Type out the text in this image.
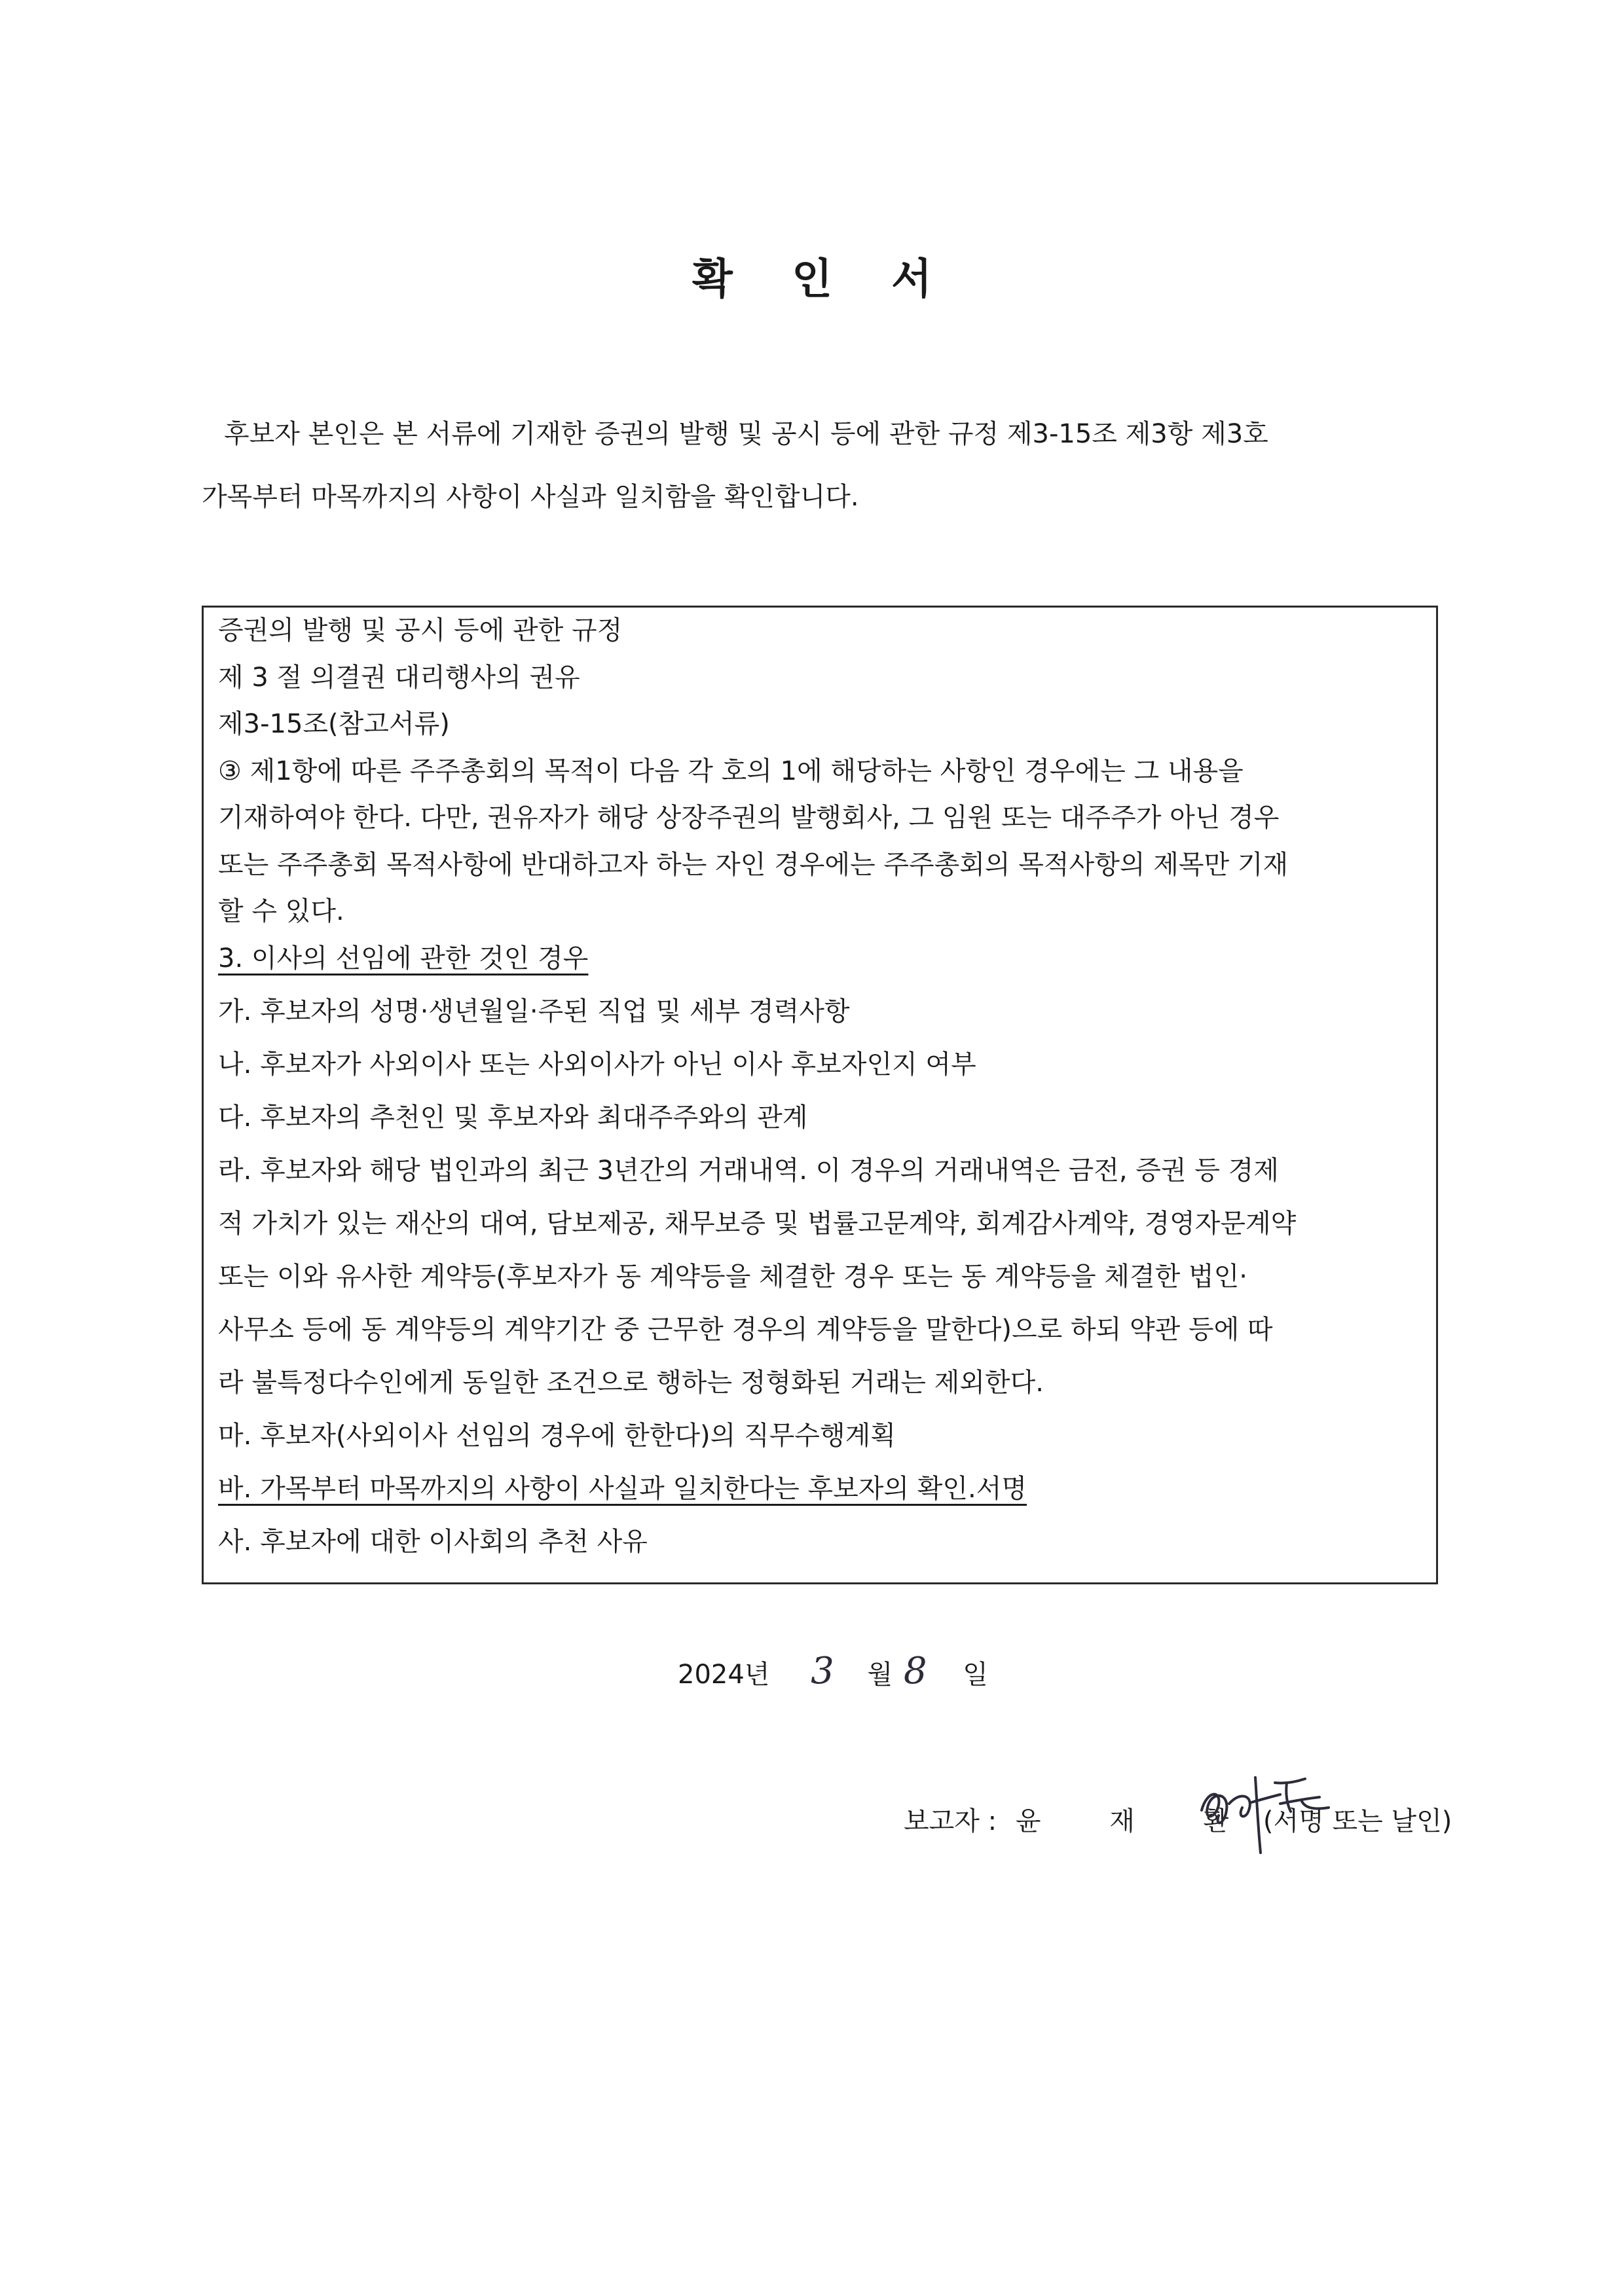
확 인 서
후보자 본인은 본 서류에 기재한 증권의 발행 및 공시 등에 관한 규정 제3-15조 제3항 제3호
가목부터 마목까지의 사항이 사실과 일치함을 확인합니다.
증권의 발행 및 공시 등에 관한 규정
제 3 절 의결권 대리행사의 권유
제3-15조(참고서류)
③ 제1항에 따른 주주총회의 목적이 다음 각 호의 1에 해당하는 사항인 경우에는 그 내용을
기재하여야 한다. 다만, 권유자가 해당 상장주권의 발행회사, 그 임원 또는 대주주가 아닌 경우
또는 주주총회 목적사항에 반대하고자 하는 자인 경우에는 주주총회의 목적사항의 제목만 기재
할 수 있다.
3. 이사의 선임에 관한 것인 경우
가. 후보자의 성명·생년월일·주된 직업 및 세부 경력사항
나. 후보자가 사외이사 또는 사외이사가 아닌 이사 후보자인지 여부
다. 후보자의 추천인 및 후보자와 최대주주와의 관계
라. 후보자와 해당 법인과의 최근 3년간의 거래내역. 이 경우의 거래내역은 금전, 증권 등 경제
적 가치가 있는 재산의 대여, 담보제공, 채무보증 및 법률고문계약, 회계감사계약, 경영자문계약
또는 이와 유사한 계약등(후보자가 동 계약등을 체결한 경우 또는 동 계약등을 체결한 법인·
사무소 등에 동 계약등의 계약기간 중 근무한 경우의 계약등을 말한다)으로 하되 약관 등에 따
라 불특정다수인에게 동일한 조건으로 행하는 정형화된 거래는 제외한다.
마. 후보자(사외이사 선임의 경우에 한한다)의 직무수행계획
바. 가목부터 마목까지의 사항이 사실과 일치한다는 후보자의 확인.서명
사. 후보자에 대한 이사회의 추천 사유
2024년 3 월 8 일
보고자 : 윤	재	환 (서명 또는 날인)
